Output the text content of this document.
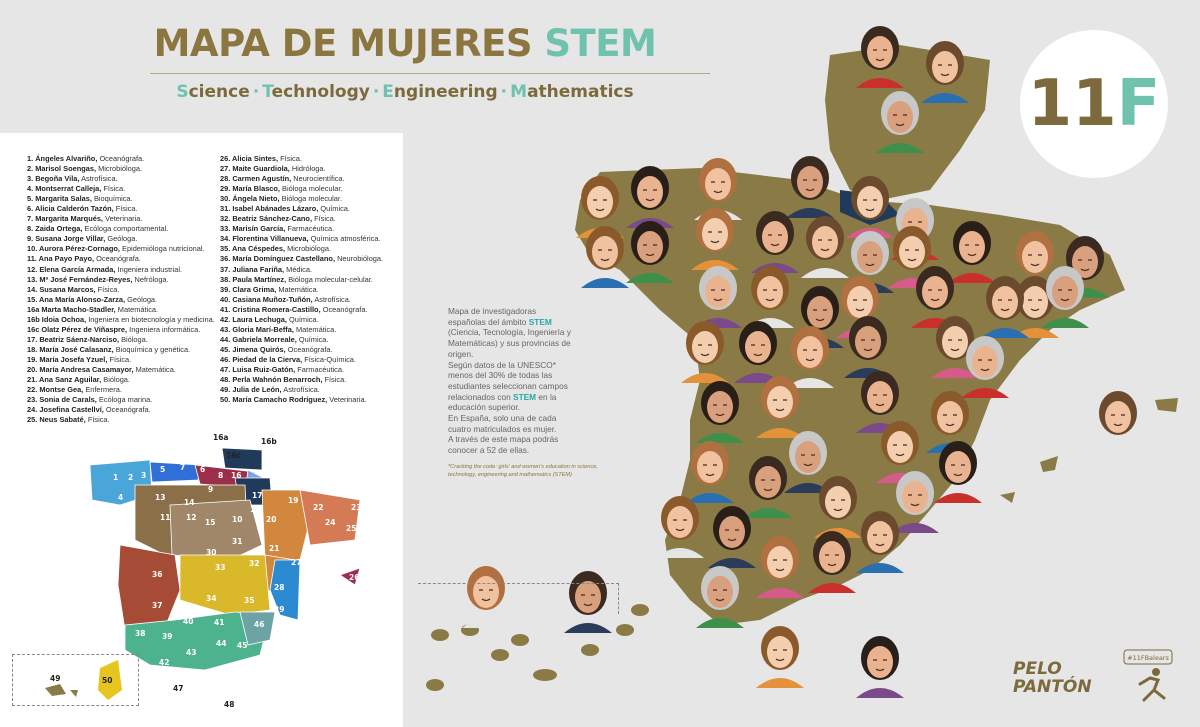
MAPA DE MUJERES STEM
Science · Technology · Engineering · Mathematics
1. Ángeles Alvariño, Oceanógrafa.
2. Marisol Soengas, Microbióloga.
3. Begoña Vila, Astrofísica.
4. Montserrat Calleja, Física.
5. Margarita Salas, Bioquímica.
6. Alicia Calderón Tazón, Física.
7. Margarita Marqués, Veterinaria.
8. Zaida Ortega, Ecóloga comportamental.
9. Susana Jorge Villar, Geóloga.
10. Aurora Pérez-Cornago, Epidemióloga nutricional.
11. Ana Payo Payo, Oceanógrafa.
12. Elena García Armada, Ingeniera industrial.
13. Mª José Fernández-Reyes, Nefróloga.
14. Susana Marcos, Física.
15. Ana María Alonso-Zarza, Geóloga.
16a Marta Macho-Stadler, Matemática.
16b Idoia Ochoa, Ingeniera en biotecnología y medicina.
16c Olatz Pérez de Viñaspre, Ingeniera informática.
17. Beatriz Sáenz-Narciso, Bióloga.
18. María José Calasanz, Bioquímica y genética.
19. María Josefa Yzuel, Física.
20. María Andresa Casamayor, Matemática.
21. Ana Sanz Aguilar, Bióloga.
22. Montse Gea, Enfermera.
23. Sonia de Carals, Ecóloga marina.
24. Josefina Castellví, Oceanógrafa.
25. Neus Sabaté, Física.
26. Alicia Sintes, Física.
27. Maite Guardiola, Hidróloga.
28. Carmen Agustín, Neurocientífica.
29. María Blasco, Bióloga molecular.
30. Ángela Nieto, Bióloga molecular.
31. Isabel Abánades Lázaro, Química.
32. Beatriz Sánchez-Cano, Física.
33. Marisín García, Farmacéutica.
34. Florentina Villanueva, Química atmosférica.
35. Ana Céspedes, Microbióloga.
36. María Domínguez Castellano, Neurobióloga.
37. Juliana Fariña, Médica.
38. Paula Martínez, Bióloga molecular-celular.
39. Clara Grima, Matemática.
40. Casiana Muñoz-Tuñón, Astrofísica.
41. Cristina Romera-Castillo, Oceanógrafa.
42. Laura Lechuga, Química.
43. Gloria Marí-Beffa, Matemática.
44. Gabriela Morreale, Química.
45. Jimena Quirós, Oceanógrafa.
46. Piedad de la Cierva, Física-Química.
47. Luisa Ruiz-Gatón, Farmacéutica.
48. Perla Wahnón Benarroch, Física.
49. Julia de León, Astrofísica.
50. María Camacho Rodríguez, Veterinaria.
1 2 3
4
5	6
7
8
9
10
11 12
13
14
15
16
16a	16b
16c
17
18
19
20
21
22	23
24
25
26
27
28
29
30
31
32
33
34	35
36
37
38 39
40	41
42
43
44 45
46
47
48
49	50
Mapa de investigadoras españolas del ámbito STEM (Ciencia, Tecnología, Ingeniería y Matemáticas) y sus provincias de origen.
Según datos de la UNESCO* menos del 30% de todas las estudiantes seleccionan campos relacionados con STEM en la educación superior.
En España, solo una de cada cuatro matriculados es mujer.
A través de este mapa podrás conocer a 52 de ellas.
*Cracking the code: girls' and women's education in science, technology, engineering and mathematics (STEM)
11F
PELO
PANTÓN
#11FBalears
